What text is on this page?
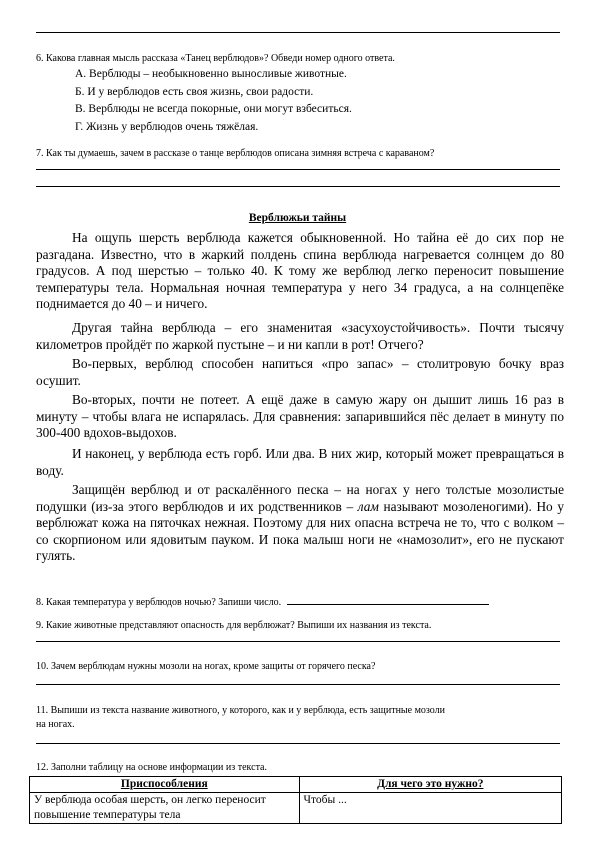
6. Какова главная мысль рассказа «Танец верблюдов»? Обведи номер одного ответа.
А. Верблюды – необыкновенно выносливые животные.
Б. И у верблюдов есть своя жизнь, свои радости.
В. Верблюды не всегда покорные, они могут взбеситься.
Г. Жизнь у верблюдов очень тяжёлая.
7. Как ты думаешь, зачем в рассказе о танце верблюдов описана зимняя встреча с караваном?
Верблюжьи тайны
На ощупь шерсть верблюда кажется обыкновенной. Но тайна её до сих пор не разгадана. Известно, что в жаркий полдень спина верблюда нагревается солнцем до 80 градусов. А под шерстью – только 40. К тому же верблюд легко переносит повышение температуры тела. Нормальная ночная температура у него 34 градуса, а на солнцепёке поднимается до 40 – и ничего.
Другая тайна верблюда – его знаменитая «засухоустойчивость». Почти тысячу километров пройдёт по жаркой пустыне – и ни капли в рот! Отчего?
Во-первых, верблюд способен напиться «про запас» – столитровую бочку враз осушит.
Во-вторых, почти не потеет. А ещё даже в самую жару он дышит лишь 16 раз в минуту – чтобы влага не испарялась. Для сравнения: запарившийся пёс делает в минуту по 300-400 вдохов-выдохов.
И наконец, у верблюда есть горб. Или два. В них жир, который может превращаться в воду.
Защищён верблюд и от раскалённого песка – на ногах у него толстые мозолистые подушки (из-за этого верблюдов и их родственников – лам называют мозоленогими). Но у верблюжат кожа на пяточках нежная. Поэтому для них опасна встреча не то, что с волком – со скорпионом или ядовитым пауком. И пока малыш ноги не «намозолит», его не пускают гулять.
8. Какая температура у верблюдов ночью? Запиши число.
9. Какие животные представляют опасность для верблюжат? Выпиши их названия из текста.
10. Зачем верблюдам нужны мозоли на ногах, кроме защиты от горячего песка?
11. Выпиши из текста название животного, у которого, как и у верблюда, есть защитные мозоли
на ногах.
12. Заполни таблицу на основе информации из текста.
Приспособления	Для чего это нужно?
У верблюда особая шерсть, он легко переносит повышение температуры тела	Чтобы ...
